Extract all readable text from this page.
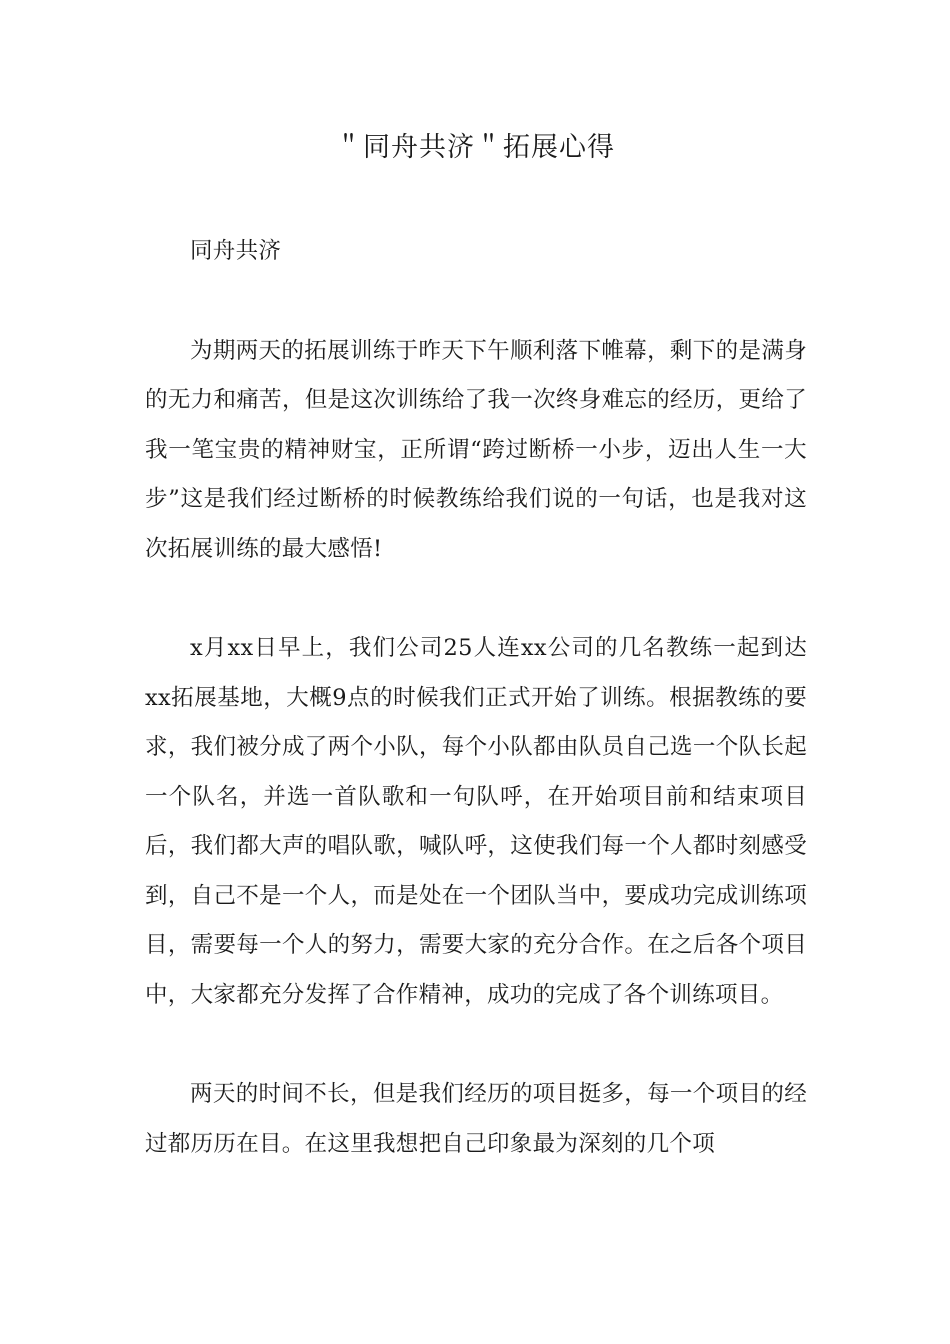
＂同舟共济＂拓展心得

同舟共济

为期两天的拓展训练于昨天下午顺利落下帷幕，剩下的是满身的无力和痛苦，但是这次训练给了我一次终身难忘的经历，更给了我一笔宝贵的精神财宝，正所谓“跨过断桥一小步，迈出人生一大步”这是我们经过断桥的时候教练给我们说的一句话，也是我对这次拓展训练的最大感悟!

x月xx日早上，我们公司25人连xx公司的几名教练一起到达xx拓展基地，大概9点的时候我们正式开始了训练。根据教练的要求，我们被分成了两个小队，每个小队都由队员自己选一个队长起一个队名，并选一首队歌和一句队呼，在开始项目前和结束项目后，我们都大声的唱队歌，喊队呼，这使我们每一个人都时刻感受到，自己不是一个人，而是处在一个团队当中，要成功完成训练项目，需要每一个人的努力，需要大家的充分合作。在之后各个项目中，大家都充分发挥了合作精神，成功的完成了各个训练项目。

两天的时间不长，但是我们经历的项目挺多，每一个项目的经过都历历在目。在这里我想把自己印象最为深刻的几个项
